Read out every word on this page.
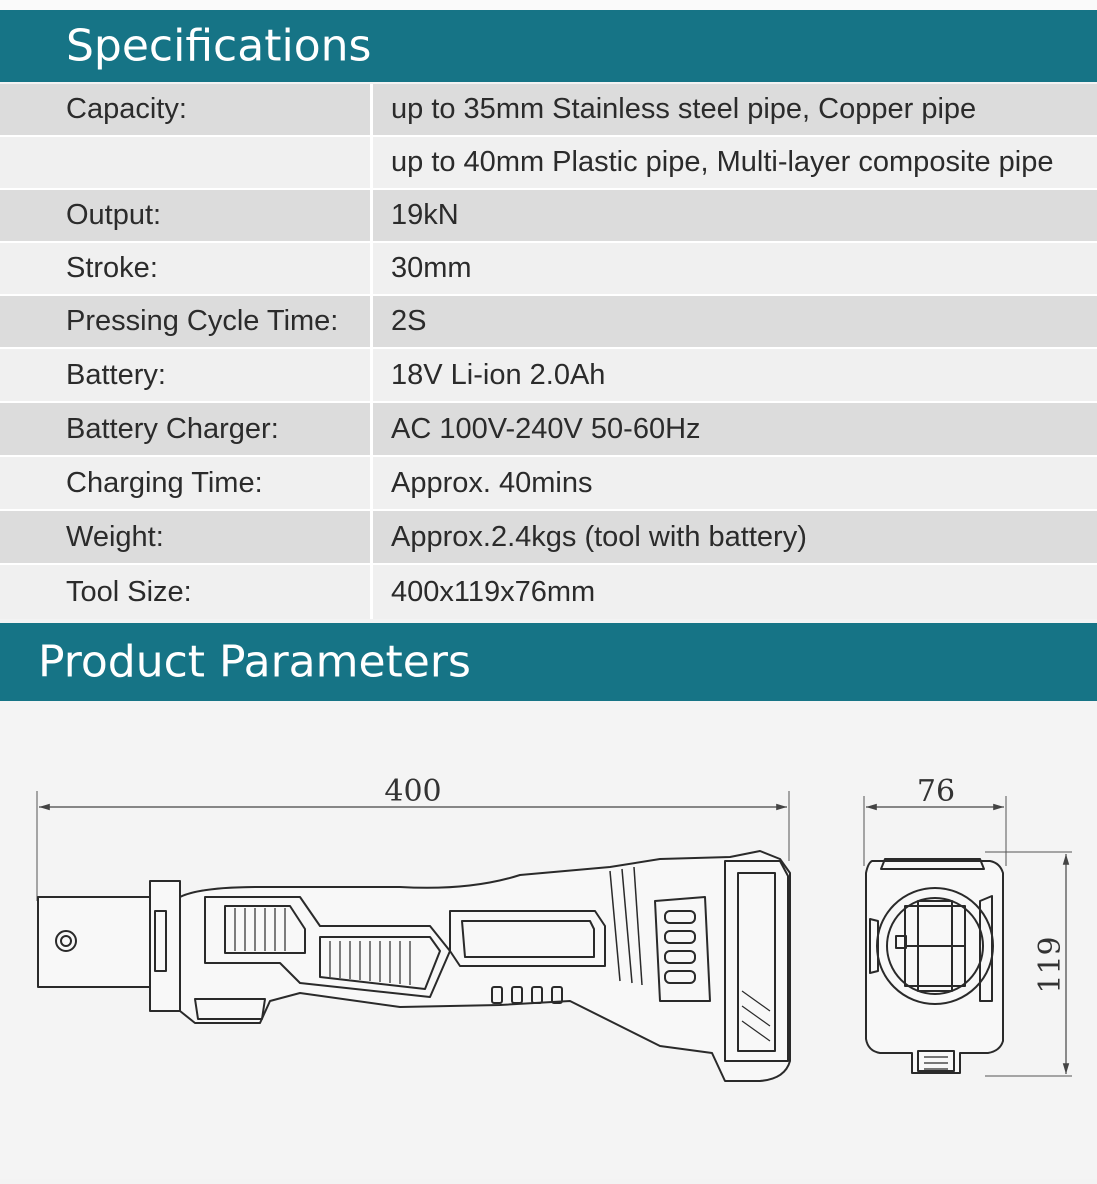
Specifications
Capacity:	up to 35mm Stainless steel pipe, Copper pipe
up to 40mm Plastic pipe, Multi-layer composite pipe
Output:	19kN
Stroke:	30mm
Pressing Cycle Time:	2S
Battery:	18V Li-ion 2.0Ah
Battery Charger:	AC 100V-240V 50-60Hz
Charging Time:	Approx. 40mins
Weight:	Approx.2.4kgs (tool with battery)
Tool Size:	400x119x76mm
Product Parameters
400	76
119
